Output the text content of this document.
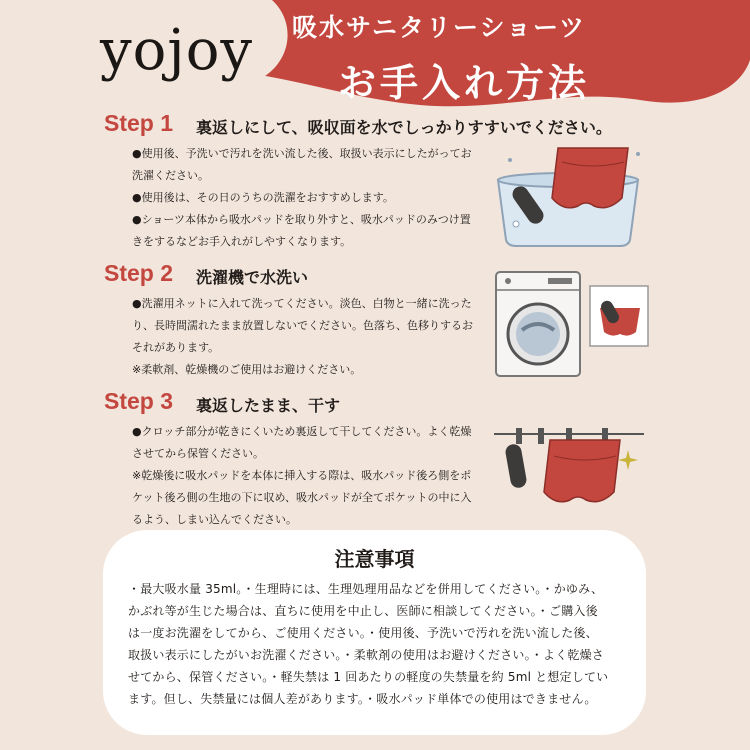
yojoy 吸水サニタリーショーツ
お手入れ方法
Step 1 裏返しにして、吸収面を水でしっかりすすいでください。

●使用後、予洗いで汚れを洗い流した後、取扱い表示にしたがってお

洗濯ください。

●使用後は、その日のうちの洗濯をおすすめします。

●ショーツ本体から吸水パッドを取り外すと、吸水パッドのみつけ置

きをするなどお手入れがしやすくなります。

Step 2 洗濯機で水洗い

●洗濯用ネットに入れて洗ってください。淡色、白物と一緒に洗った

り、長時間濡れたまま放置しないでください。色落ち、色移りするお

それがあります。

※柔軟剤、乾燥機のご使用はお避けください。

Step 3 裏返したまま、干す

●クロッチ部分が乾きにくいため裏返して干してください。よく乾燥

させてから保管ください。

※乾燥後に吸水パッドを本体に挿入する際は、吸水パッド後ろ側をポ

ケット後ろ側の生地の下に収め、吸水パッドが全てポケットの中に入

るよう、しまい込んでください。

注意事項
・最大吸水量 35ml。・生理時には、生理処理用品などを併用してください。・かゆみ、
かぶれ等が生じた場合は、直ちに使用を中止し、医師に相談してください。・ご購入後
は一度お洗濯をしてから、ご使用ください。・使用後、予洗いで汚れを洗い流した後、
取扱い表示にしたがいお洗濯ください。・柔軟剤の使用はお避けください。・よく乾燥さ
せてから、保管ください。・軽失禁は 1 回あたりの軽度の失禁量を約 5ml と想定してい
ます。但し、失禁量には個人差があります。・吸水パッド単体での使用はできません。
